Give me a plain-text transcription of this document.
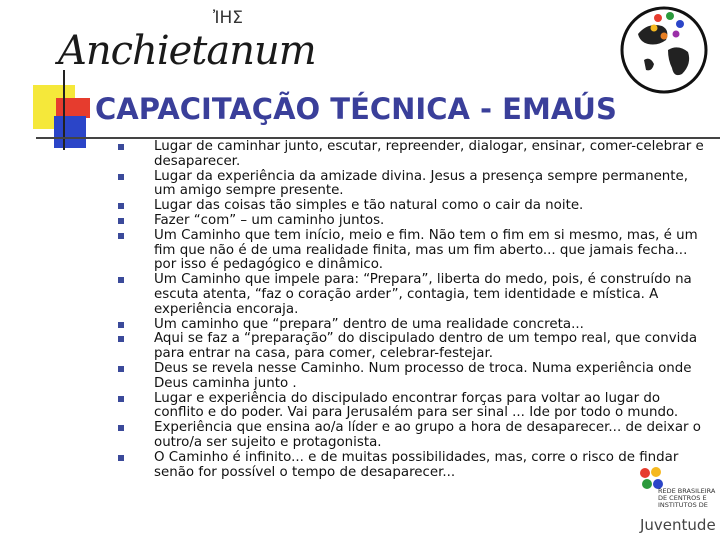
ἸΗΣ
Anchietanum
CAPACITAÇÃO TÉCNICA - EMAÚS
Lugar de caminhar junto, escutar, repreender, dialogar, ensinar, comer-celebrar e desaparecer.
Lugar da experiência da amizade divina. Jesus a presença sempre permanente, um amigo sempre presente.
Lugar das coisas tão simples e tão natural como o cair da noite.
Fazer “com” – um caminho juntos.
Um Caminho que tem início, meio e fim. Não tem o fim em si mesmo, mas, é um fim que não é de uma realidade finita, mas um fim aberto... que jamais fecha... por isso é pedagógico e dinâmico.
Um Caminho que impele para: “Prepara”, liberta do medo, pois, é construído na escuta atenta, “faz o coração arder”, contagia, tem identidade e mística. A experiência encoraja.
Um caminho que “prepara” dentro de uma realidade concreta...
Aqui se faz a “preparação” do discipulado dentro de um tempo real, que convida para entrar na casa, para comer, celebrar-festejar.
Deus se revela nesse Caminho. Num processo de troca. Numa experiência onde Deus caminha junto .
Lugar e experiência do discipulado encontrar forças para voltar ao lugar do conflito e do poder. Vai para Jerusalém para ser sinal ... Ide por todo o mundo.
Experiência que ensina ao/a líder e ao grupo a hora de desaparecer... de deixar o outro/a ser sujeito e protagonista.
O Caminho é infinito... e de muitas possibilidades, mas, corre o risco de findar senão for possível o tempo de desaparecer...
REDE BRASILEIRA DE CENTROS E INSTITUTOS DE
Juventude
